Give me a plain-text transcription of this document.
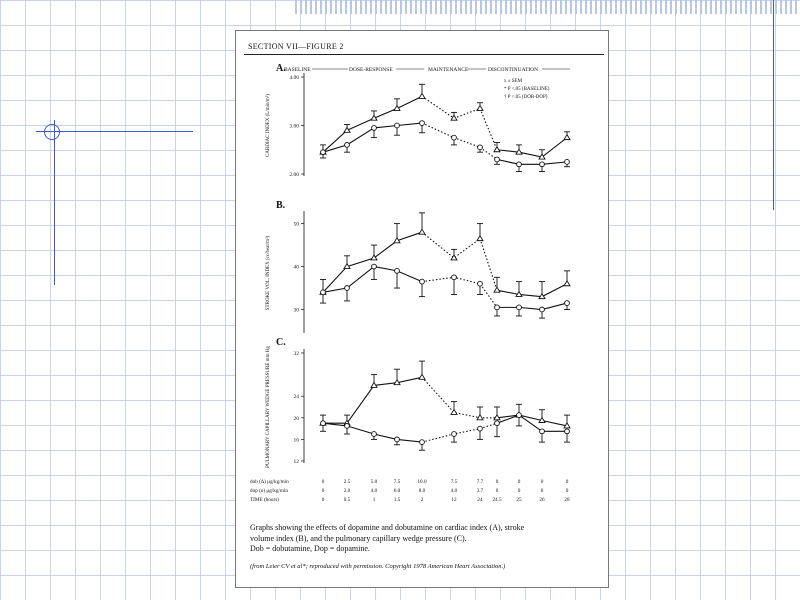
SECTION VII—FIGURE 2
BASELINE	DOSE-RESPONSE	MAINTENANCE	DISCONTINUATION
x ± SEM
* P <.05 (BASELINE)
† P <.05 (DOB-DOP)
A.
2.00
3.00
4.00
CARDIAC INDEX (L/min/m²)
B.
30
40
50
STROKE VOL. INDEX (cc/beat/m²)
C.
12
16
20
24
32
PULMONARY CAPILLARY WEDGE PRESSURE mm Hg
dob (Δ) μg/kg/min	0	2.5	5.0	7.5	10.0	7.5	7.7 0	0	0	0
dop (o) μg/kg/min	0	2.0	4.0	6.0	8.0	4.0	3.7 0	0	0	0
TIME (hours)	0	0.5	1	1.5	2	12	24 24.5	25	26	28
Graphs showing the effects of dopamine and dobutamine on cardiac index (A), stroke
volume index (B), and the pulmonary capillary wedge pressure (C).
Dob = dobutamine, Dop = dopamine.
(from Leier CV et al*; reproduced with permission. Copyright 1978 American Heart Association.)
